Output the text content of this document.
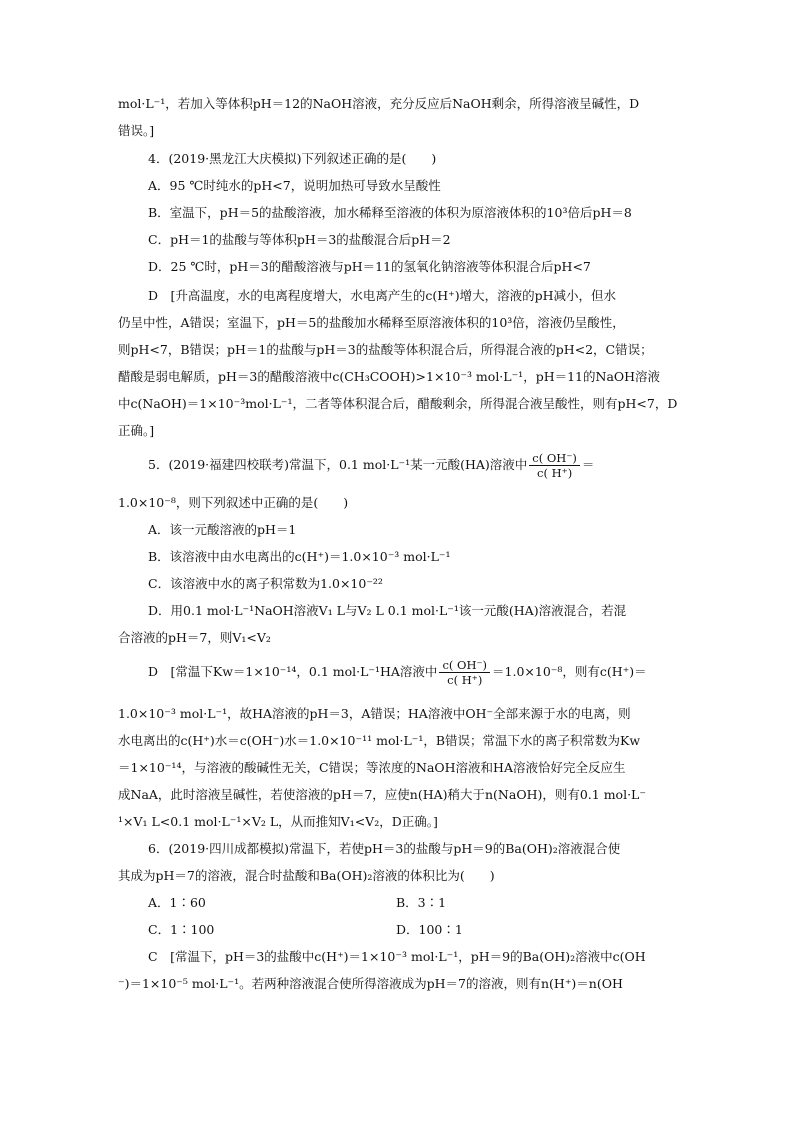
mol·L⁻¹，若加入等体积pH＝12的NaOH溶液，充分反应后NaOH剩余，所得溶液呈碱性，D
错误。]
4．(2019·黑龙江大庆模拟)下列叙述正确的是(　　)
A．95 ℃时纯水的pH<7，说明加热可导致水呈酸性
B．室温下，pH＝5的盐酸溶液，加水稀释至溶液的体积为原溶液体积的10³倍后pH＝8
C．pH＝1的盐酸与等体积pH＝3的盐酸混合后pH＝2
D．25 ℃时，pH＝3的醋酸溶液与pH＝11的氢氧化钠溶液等体积混合后pH<7
D　[升高温度，水的电离程度增大，水电离产生的c(H⁺)增大，溶液的pH减小，但水
仍呈中性，A错误；室温下，pH＝5的盐酸加水稀释至原溶液体积的10³倍，溶液仍呈酸性，
则pH<7，B错误；pH＝1的盐酸与pH＝3的盐酸等体积混合后，所得混合液的pH<2，C错误；
醋酸是弱电解质，pH＝3的醋酸溶液中c(CH₃COOH)>1×10⁻³ mol·L⁻¹，pH＝11的NaOH溶液
中c(NaOH)＝1×10⁻³mol·L⁻¹，二者等体积混合后，醋酸剩余，所得混合液呈酸性，则有pH<7，D
正确。]
5．(2019·福建四校联考)常温下，0.1 mol·L⁻¹某一元酸(HA)溶液中 $\frac{c( OH^-)}{c( H^+)}$ ＝
1.0×10⁻⁸，则下列叙述中正确的是(　　)
A．该一元酸溶液的pH＝1
B．该溶液中由水电离出的c(H⁺)＝1.0×10⁻³ mol·L⁻¹
C．该溶液中水的离子积常数为1.0×10⁻²²
D．用0.1 mol·L⁻¹NaOH溶液V₁ L与V₂ L 0.1 mol·L⁻¹该一元酸(HA)溶液混合，若混
合溶液的pH＝7，则V₁<V₂
D　[常温下Kw＝1×10⁻¹⁴，0.1 mol·L⁻¹HA溶液中 $\frac{c( OH^-)}{c( H^+)} =1.0\times 10^{-8}$，则有c(H⁺)＝
1.0×10⁻³ mol·L⁻¹，故HA溶液的pH＝3，A错误；HA溶液中OH⁻全部来源于水的电离，则
水电离出的c(H⁺)水＝c(OH⁻)水＝1.0×10⁻¹¹ mol·L⁻¹，B错误；常温下水的离子积常数为Kw
＝1×10⁻¹⁴，与溶液的酸碱性无关，C错误；等浓度的NaOH溶液和HA溶液恰好完全反应生
成NaA，此时溶液呈碱性，若使溶液的pH＝7，应使n(HA)稍大于n(NaOH)，则有0.1 mol·L⁻
¹×V₁ L<0.1 mol·L⁻¹×V₂ L，从而推知V₁<V₂，D正确。]
6．(2019·四川成都模拟)常温下，若使pH＝3的盐酸与pH＝9的Ba(OH)₂溶液混合使
其成为pH＝7的溶液，混合时盐酸和Ba(OH)₂溶液的体积比为(　　)
A．1∶60	B．3∶1
C．1∶100	D．100∶1
C　[常温下，pH＝3的盐酸中c(H⁺)＝1×10⁻³ mol·L⁻¹，pH＝9的Ba(OH)₂溶液中c(OH
⁻)＝1×10⁻⁵ mol·L⁻¹。若两种溶液混合使所得溶液成为pH＝7的溶液，则有n(H⁺)＝n(OH
